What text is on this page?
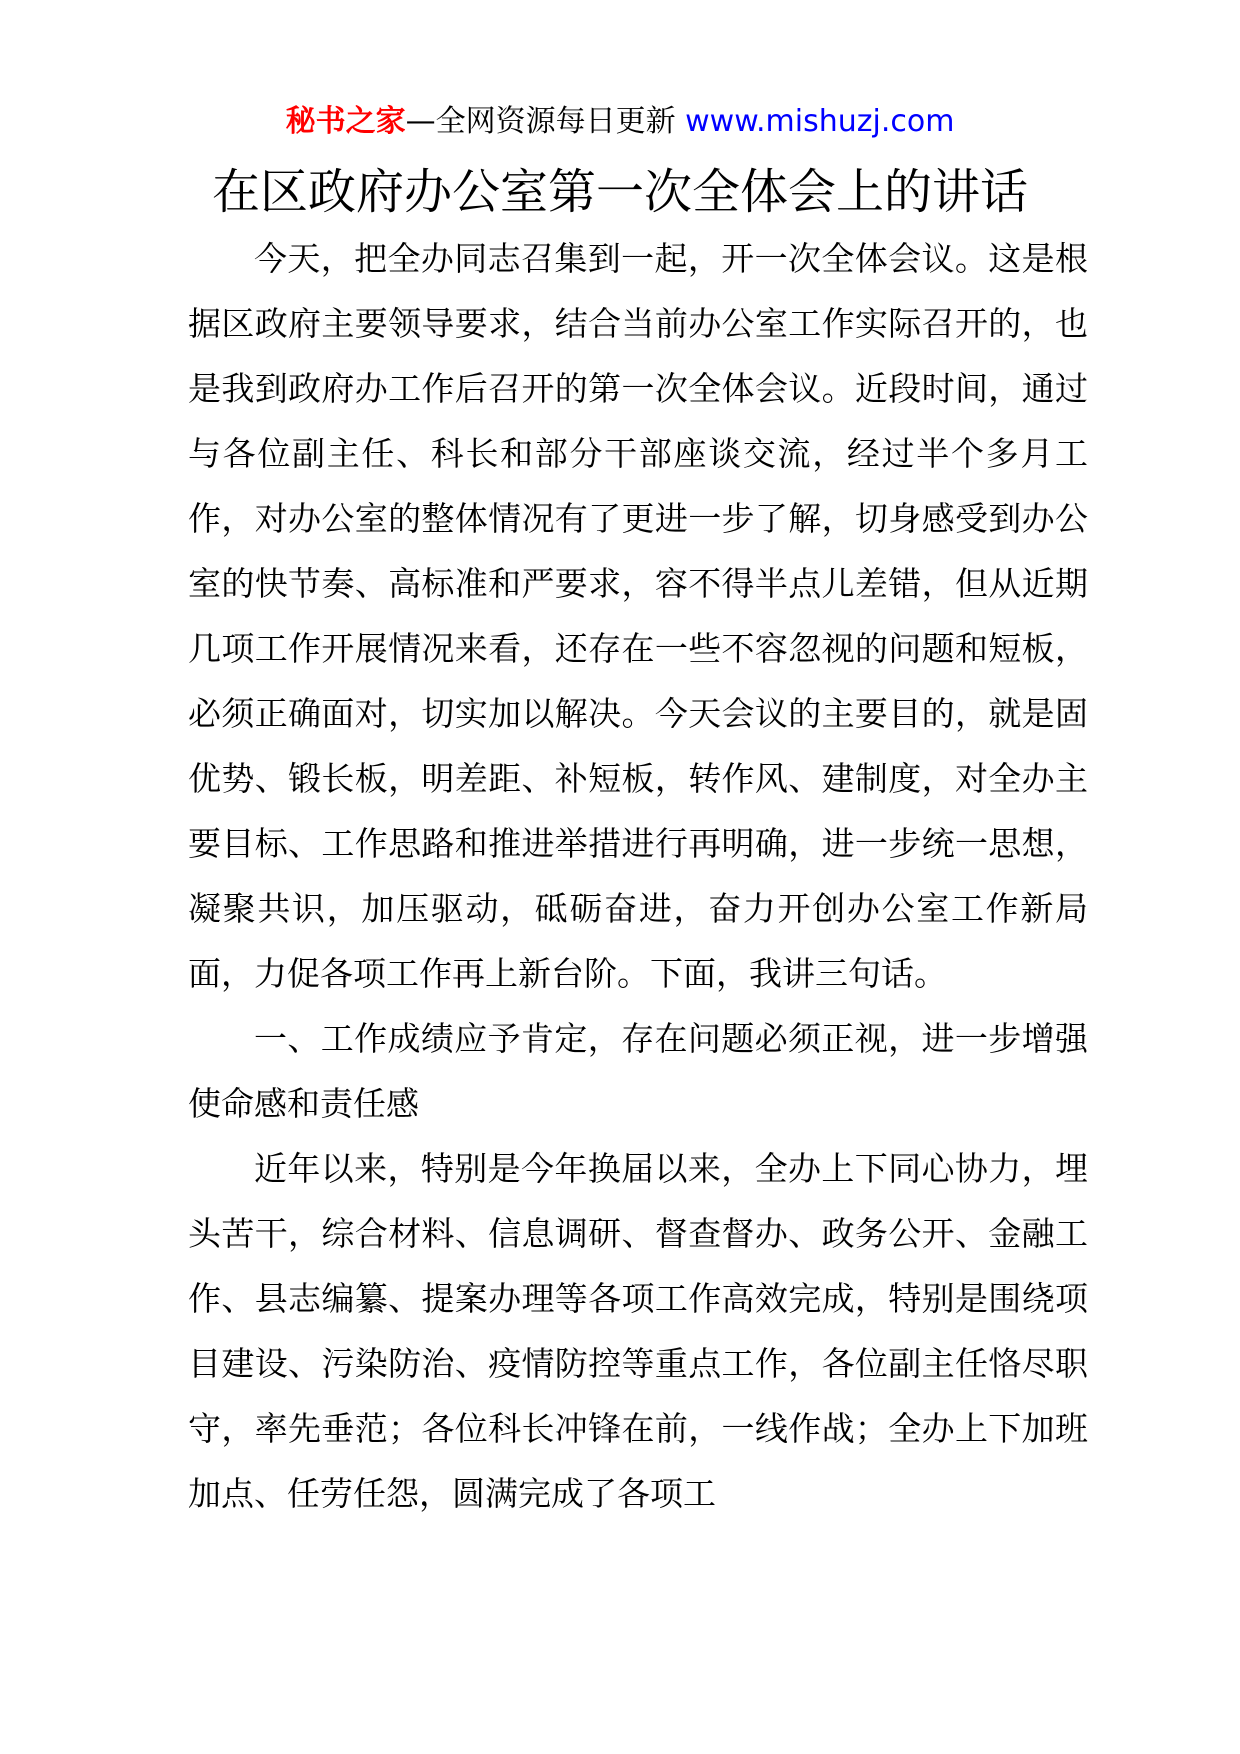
秘书之家—全网资源每日更新 www.mishuzj.com
在区政府办公室第一次全体会上的讲话

今天，把全办同志召集到一起，开一次全体会议。这是根据区政府主要领导要求，结合当前办公室工作实际召开的，也是我到政府办工作后召开的第一次全体会议。近段时间，通过与各位副主任、科长和部分干部座谈交流，经过半个多月工作，对办公室的整体情况有了更进一步了解，切身感受到办公室的快节奏、高标准和严要求，容不得半点儿差错，但从近期几项工作开展情况来看，还存在一些不容忽视的问题和短板，必须正确面对，切实加以解决。今天会议的主要目的，就是固优势、锻长板，明差距、补短板，转作风、建制度，对全办主要目标、工作思路和推进举措进行再明确，进一步统一思想，凝聚共识，加压驱动，砥砺奋进，奋力开创办公室工作新局面，力促各项工作再上新台阶。下面，我讲三句话。

一、工作成绩应予肯定，存在问题必须正视，进一步增强使命感和责任感

近年以来，特别是今年换届以来，全办上下同心协力，埋头苦干，综合材料、信息调研、督查督办、政务公开、金融工作、县志编纂、提案办理等各项工作高效完成，特别是围绕项目建设、污染防治、疫情防控等重点工作，各位副主任恪尽职守，率先垂范；各位科长冲锋在前，一线作战；全办上下加班加点、任劳任怨，圆满完成了各项工
